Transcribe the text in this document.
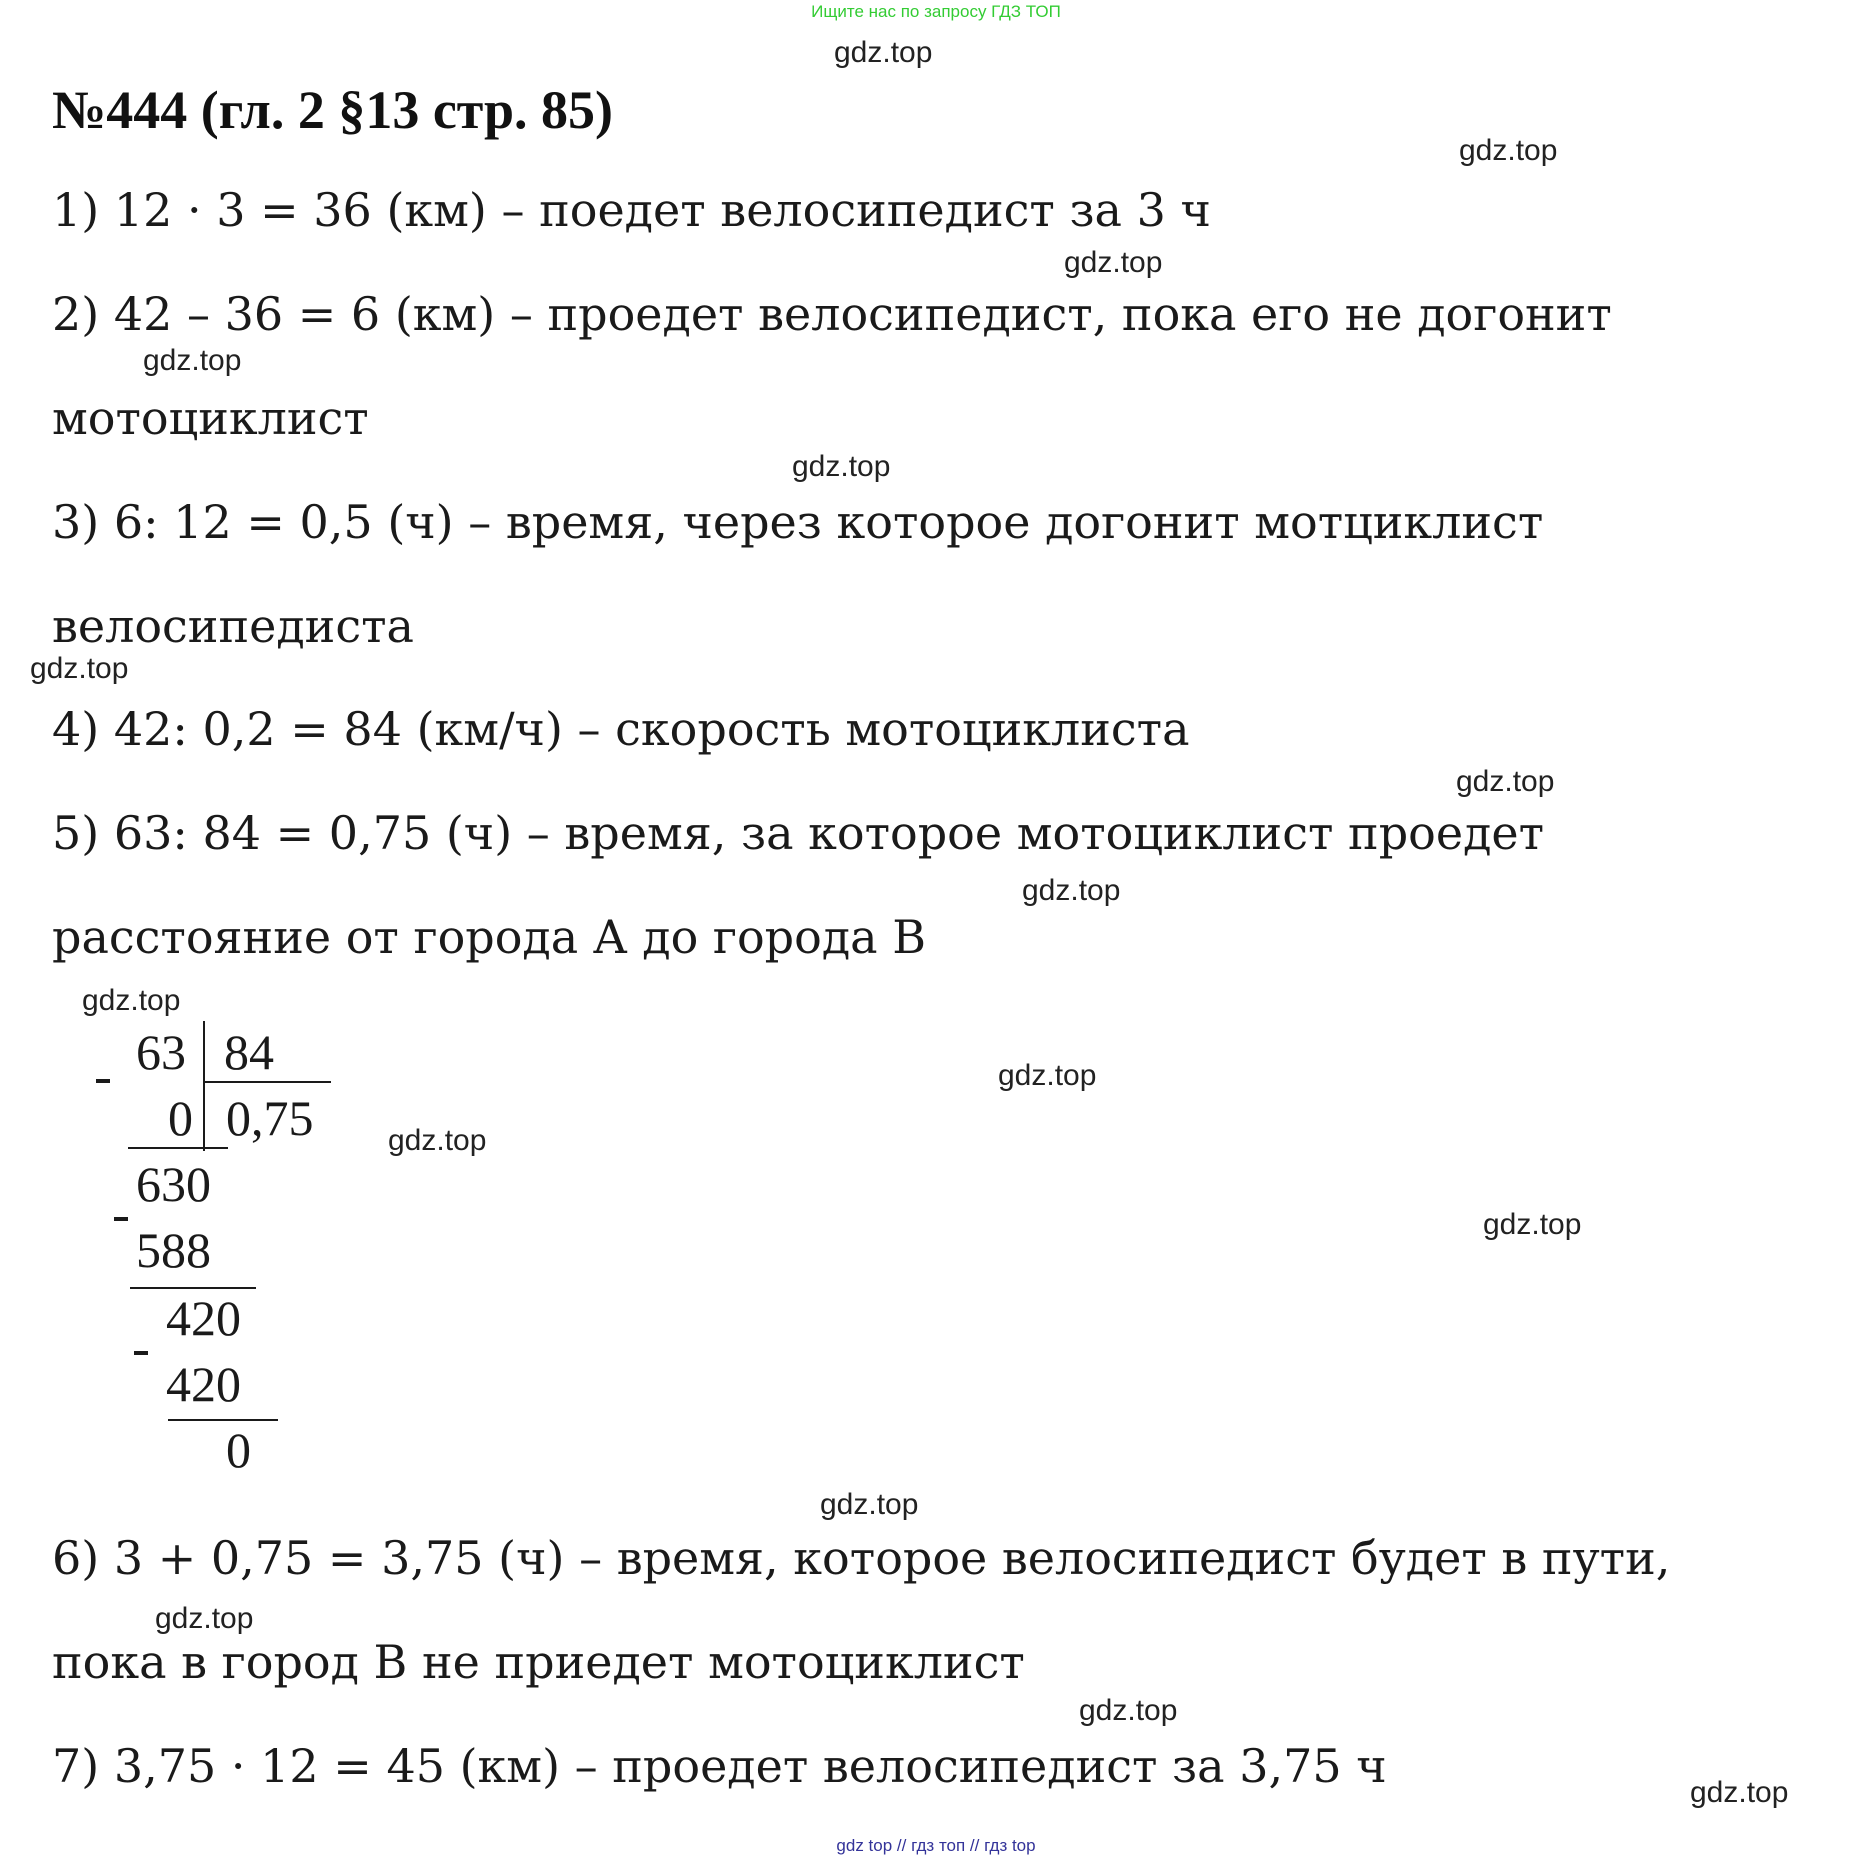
Ищите нас по запросу ГДЗ ТОП
№444 (гл. 2 §13 стр. 85)
1) 12 · 3 = 36 (км) – поедет велосипедист за 3 ч
2) 42 – 36 = 6 (км) – проедет велосипедист, пока его не догонит
мотоциклист
3) 6: 12 = 0,5 (ч) – время, через которое догонит мотциклист
велосипедиста
4) 42: 0,2 = 84 (км/ч) – скорость мотоциклиста
5) 63: 84 = 0,75 (ч) – время, за которое мотоциклист проедет
расстояние от города А до города В
63 84
0 0,75
630
588
420
420
0
6) 3 + 0,75 = 3,75 (ч) – время, которое велосипедист будет в пути,
пока в город В не приедет мотоциклист
7) 3,75 · 12 = 45 (км) – проедет велосипедист за 3,75 ч
gdz.top
gdz.top
gdz.top
gdz.top
gdz.top
gdz.top
gdz.top
gdz.top
gdz.top
gdz.top
gdz.top
gdz.top
gdz.top
gdz.top
gdz.top
gdz.top
gdz top // гдз топ // гдз top
